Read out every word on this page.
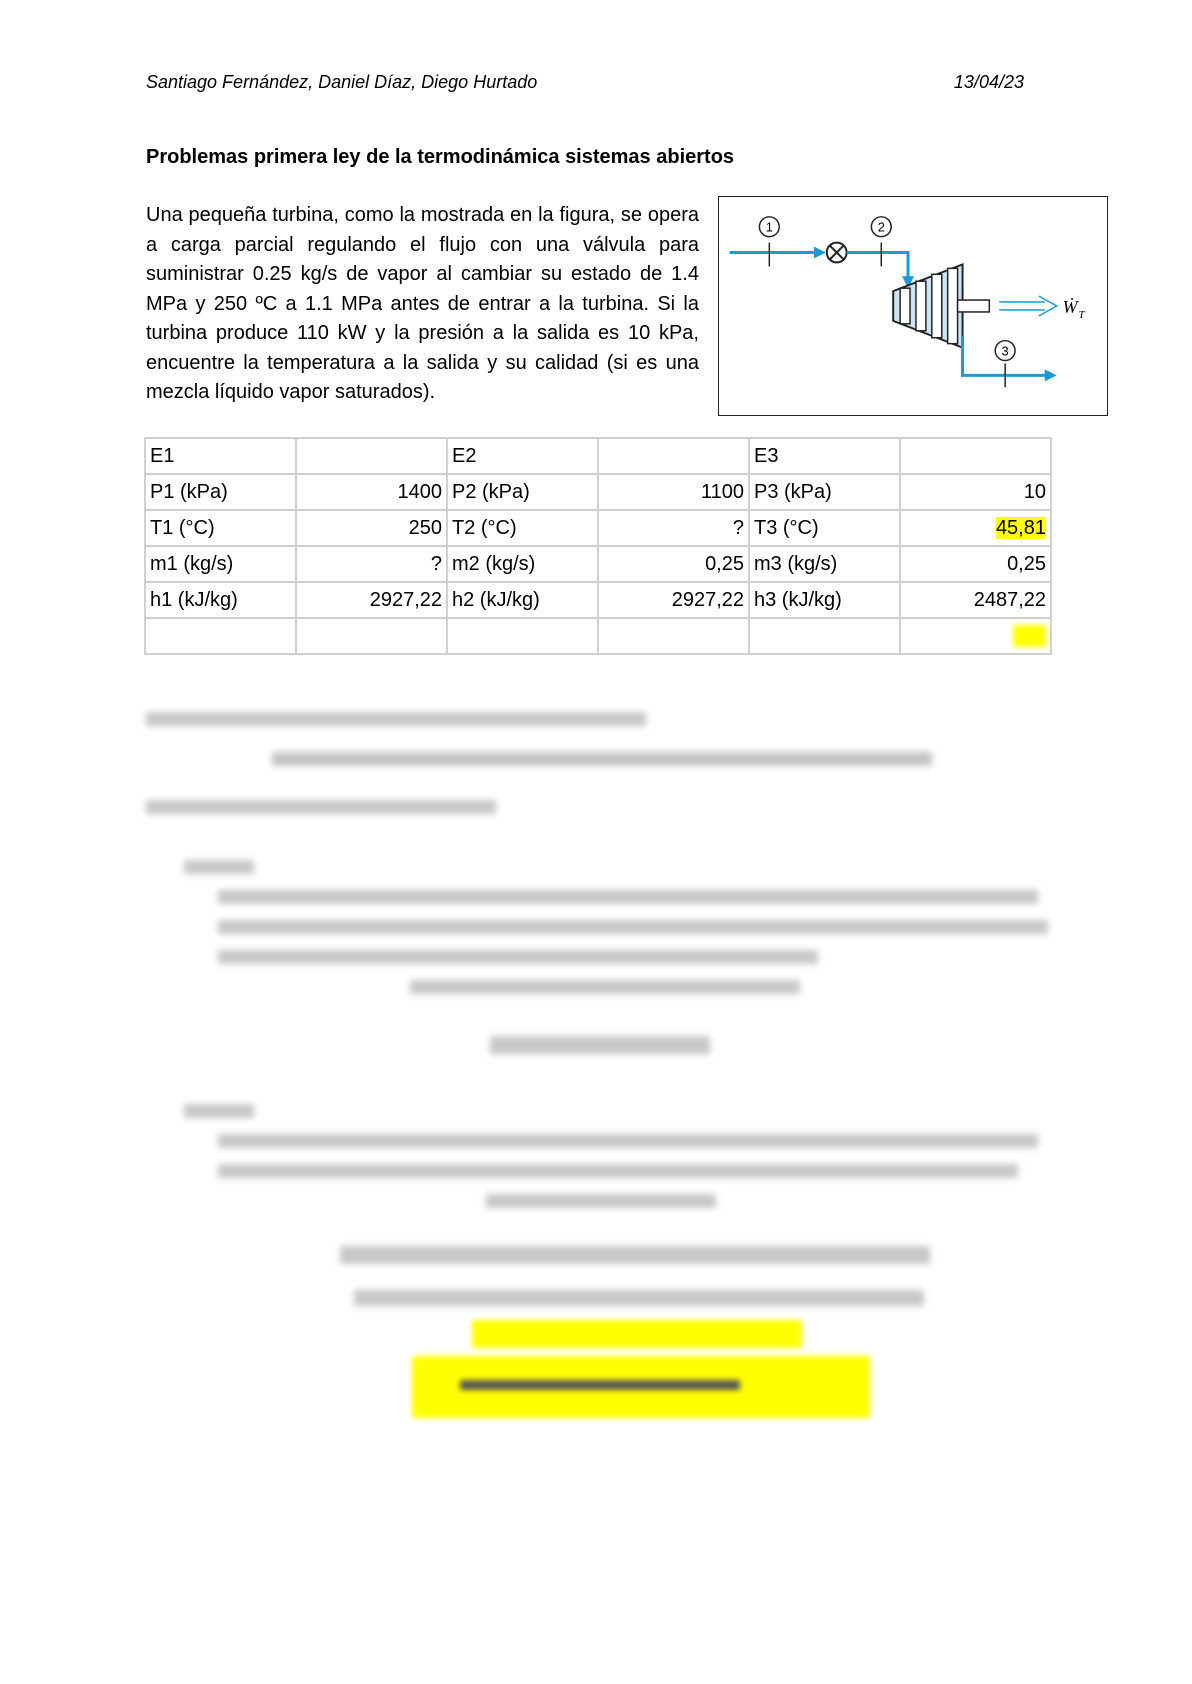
Santiago Fernández, Daniel Díaz, Diego Hurtado	13/04/23
Problemas primera ley de la termodinámica sistemas abiertos
Una pequeña turbina, como la mostrada en la figura, se opera a carga parcial regulando el flujo con una válvula para suministrar 0.25 kg/s de vapor al cambiar su estado de 1.4 MPa y 250 ºC a 1.1 MPa antes de entrar a la turbina. Si la turbina produce 110 kW y la presión a la salida es 10 kPa, encuentre la temperatura a la salida y su calidad (si es una mezcla líquido vapor saturados).
1	2
Ẇ T
3
E1		E2		E3	
P1 (kPa)	1400	P2 (kPa)	1100	P3 (kPa)	10
T1 (°C)	250	T2 (°C)	?	T3 (°C)	45,81
m1 (kg/s)	?	m2 (kg/s)	0,25	m3 (kg/s)	0,25
h1 (kJ/kg)	2927,22	h2 (kJ/kg)	2927,22	h3 (kJ/kg)	2487,22
